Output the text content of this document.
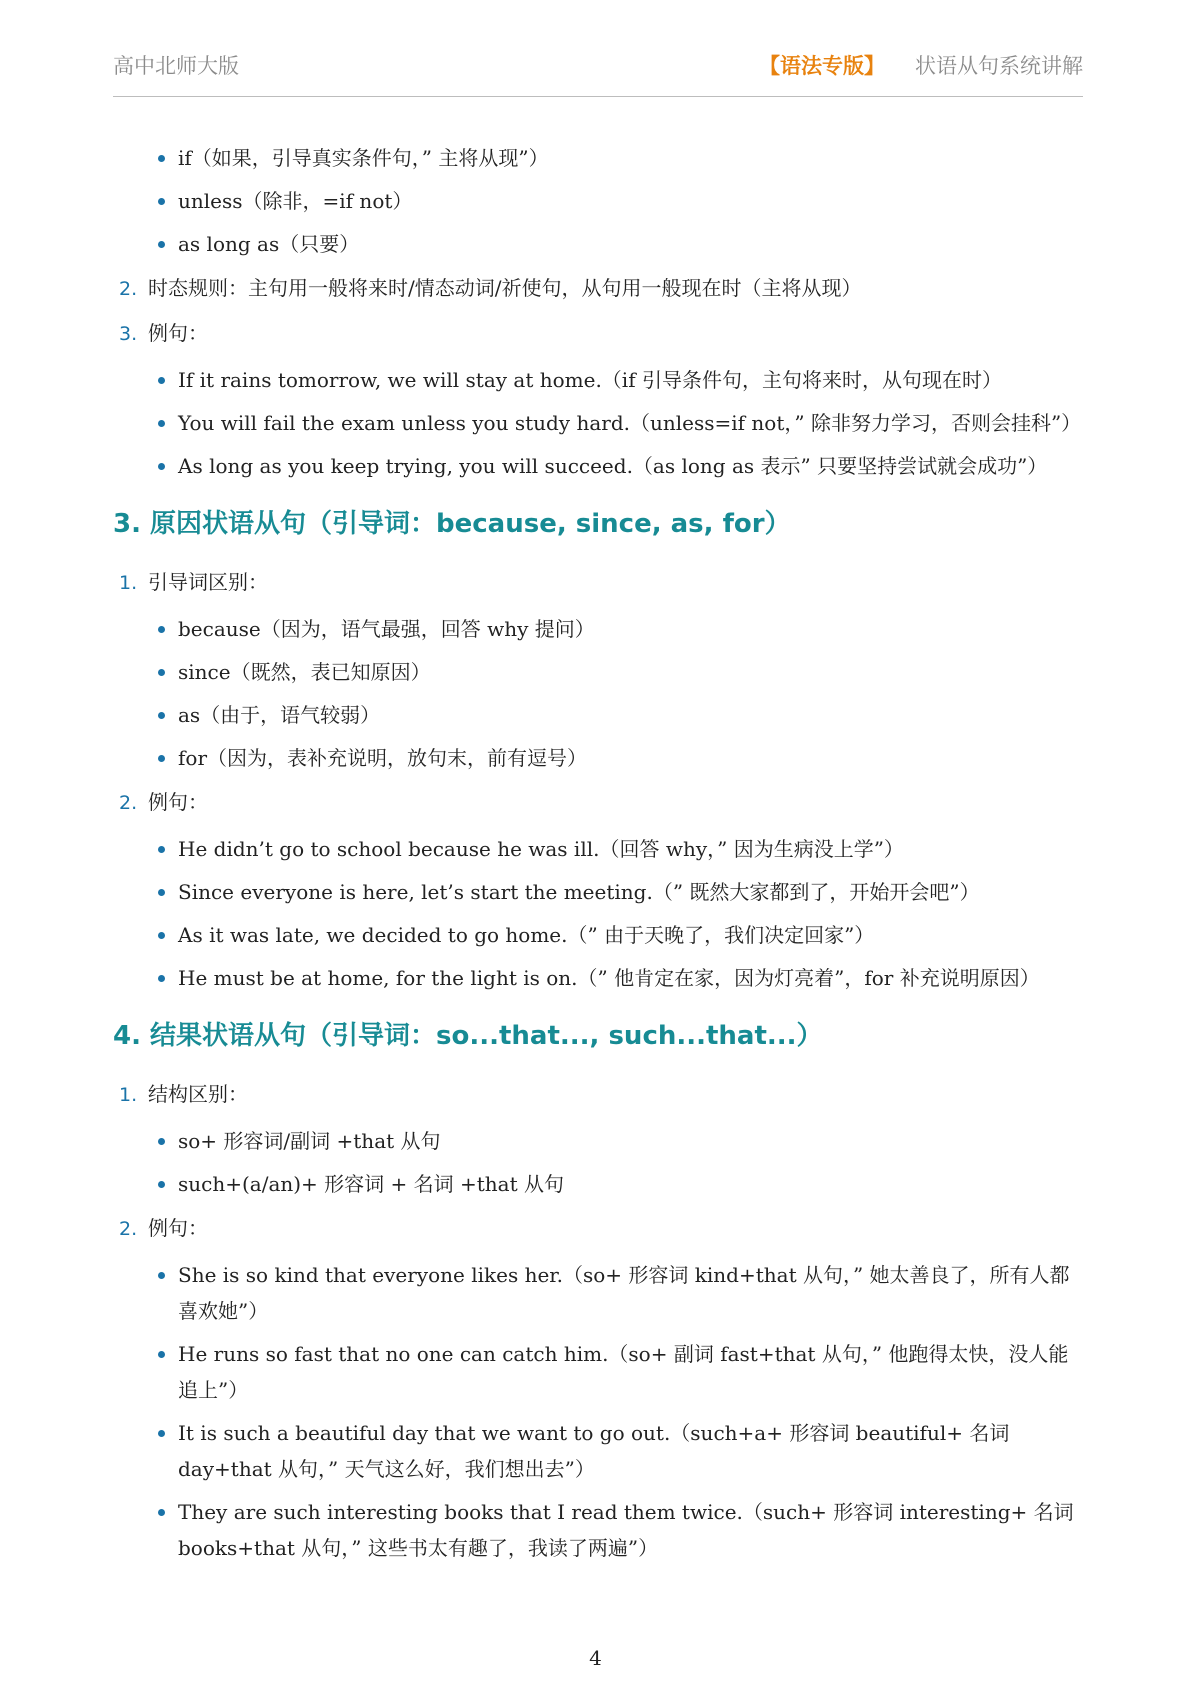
高中北师大版	【语法专版】 状语从句系统讲解
if（如果，引导真实条件句，” 主将从现”）
unless（除非，=if not）
as long as（只要）
2. 时态规则：主句用一般将来时/情态动词/祈使句，从句用一般现在时（主将从现）
3. 例句：
If it rains tomorrow, we will stay at home.（if 引导条件句，主句将来时，从句现在时）
You will fail the exam unless you study hard.（unless=if not，” 除非努力学习，否则会挂科”）
As long as you keep trying, you will succeed.（as long as 表示” 只要坚持尝试就会成功”）
3. 原因状语从句（引导词：because, since, as, for）
1. 引导词区别：
because（因为，语气最强，回答 why 提问）
since（既然，表已知原因）
as（由于，语气较弱）
for（因为，表补充说明，放句末，前有逗号）
2. 例句：
He didn’t go to school because he was ill.（回答 why，” 因为生病没上学”）
Since everyone is here, let’s start the meeting.（” 既然大家都到了，开始开会吧”）
As it was late, we decided to go home.（” 由于天晚了，我们决定回家”）
He must be at home, for the light is on.（” 他肯定在家，因为灯亮着”，for 补充说明原因）
4. 结果状语从句（引导词：so...that..., such...that...）
1. 结构区别：
so+ 形容词/副词 +that 从句
such+(a/an)+ 形容词 + 名词 +that 从句
2. 例句：
She is so kind that everyone likes her.（so+ 形容词 kind+that 从句，” 她太善良了，所有人都喜欢她”）
He runs so fast that no one can catch him.（so+ 副词 fast+that 从句，” 他跑得太快，没人能追上”）
It is such a beautiful day that we want to go out.（such+a+ 形容词 beautiful+ 名词 day+that 从句，” 天气这么好，我们想出去”）
They are such interesting books that I read them twice.（such+ 形容词 interesting+ 名词 books+that 从句，” 这些书太有趣了，我读了两遍”）
4
